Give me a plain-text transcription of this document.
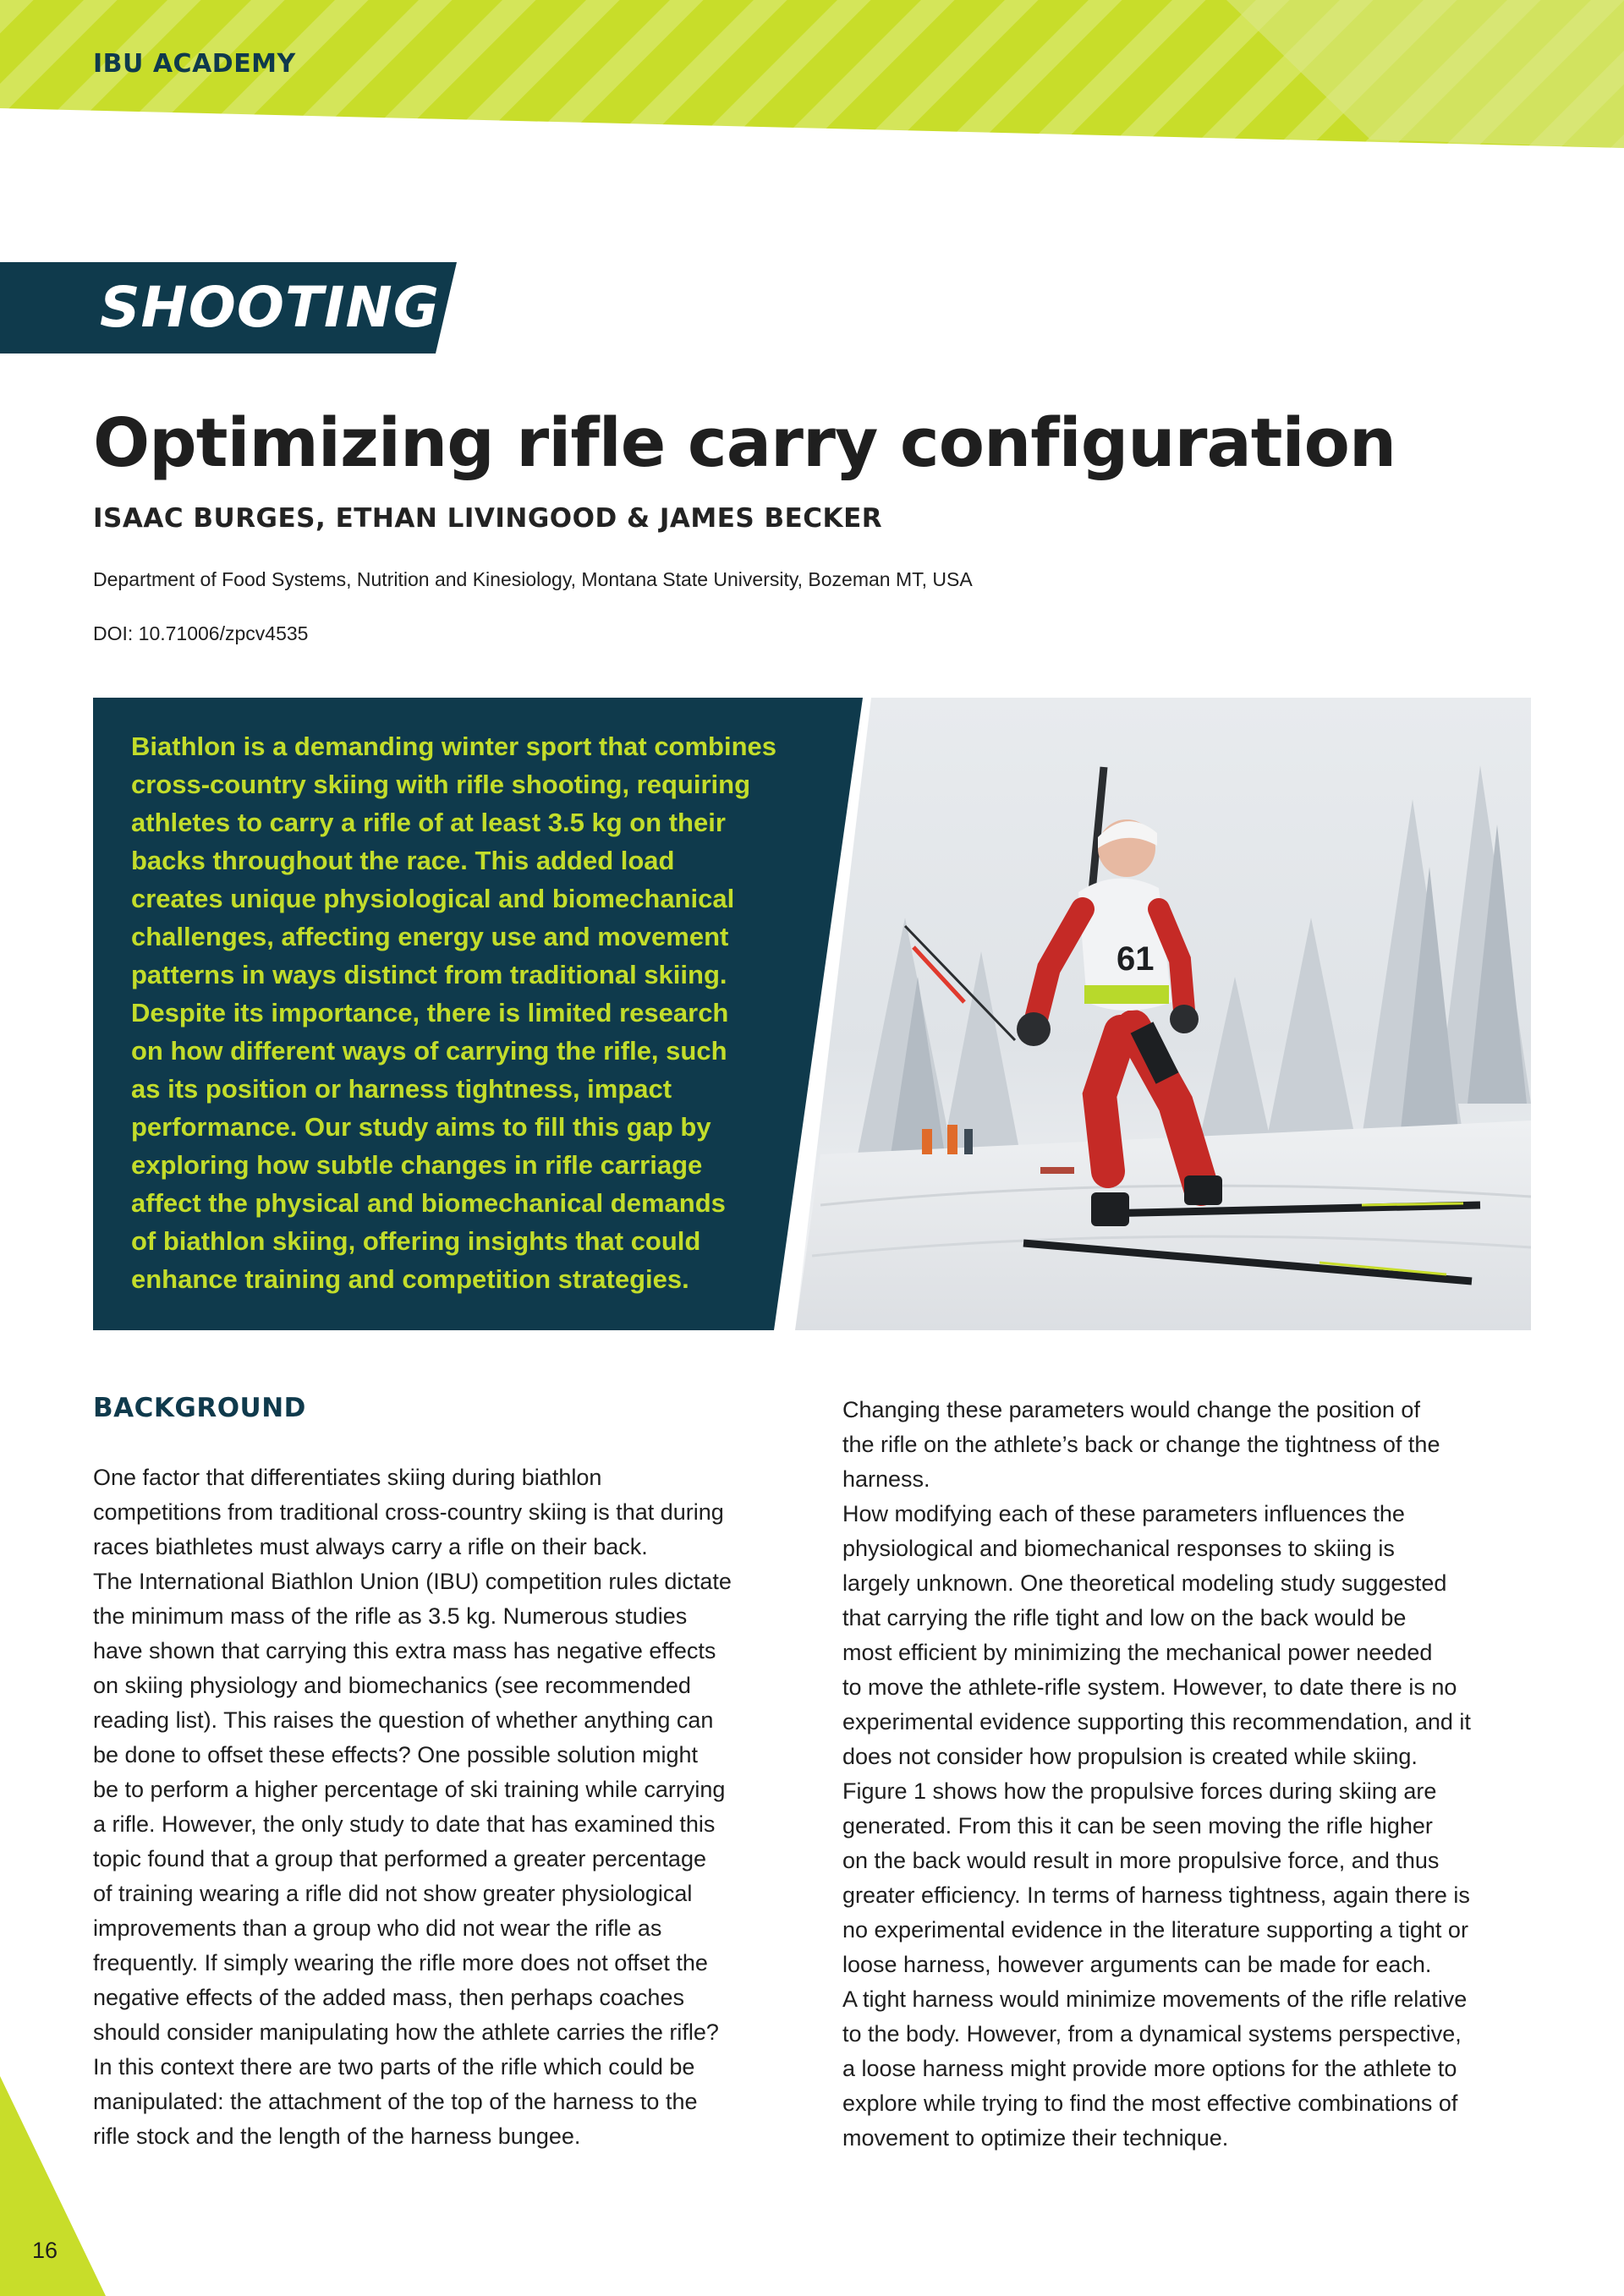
IBU ACADEMY
SHOOTING
Optimizing rifle carry configuration
ISAAC BURGES, ETHAN LIVINGOOD & JAMES BECKER
Department of Food Systems, Nutrition and Kinesiology, Montana State University, Bozeman MT, USA
DOI: 10.71006/zpcv4535
61
Biathlon is a demanding winter sport that combines
cross-country skiing with rifle shooting, requiring
athletes to carry a rifle of at least 3.5 kg on their
backs throughout the race. This added load
creates unique physiological and biomechanical
challenges, affecting energy use and movement
patterns in ways distinct from traditional skiing.
Despite its importance, there is limited research
on how different ways of carrying the rifle, such
as its position or harness tightness, impact
performance. Our study aims to fill this gap by
exploring how subtle changes in rifle carriage
affect the physical and biomechanical demands
of biathlon skiing, offering insights that could
enhance training and competition strategies.
BACKGROUND
One factor that differentiates skiing during biathlon
competitions from traditional cross-country skiing is that during
races biathletes must always carry a rifle on their back.
The International Biathlon Union (IBU) competition rules dictate
the minimum mass of the rifle as 3.5 kg. Numerous studies
have shown that carrying this extra mass has negative effects
on skiing physiology and biomechanics (see recommended
reading list). This raises the question of whether anything can
be done to offset these effects? One possible solution might
be to perform a higher percentage of ski training while carrying
a rifle. However, the only study to date that has examined this
topic found that a group that performed a greater percentage
of training wearing a rifle did not show greater physiological
improvements than a group who did not wear the rifle as
frequently. If simply wearing the rifle more does not offset the
negative effects of the added mass, then perhaps coaches
should consider manipulating how the athlete carries the rifle?
In this context there are two parts of the rifle which could be
manipulated: the attachment of the top of the harness to the
rifle stock and the length of the harness bungee.
Changing these parameters would change the position of
the rifle on the athlete’s back or change the tightness of the
harness.
How modifying each of these parameters influences the
physiological and biomechanical responses to skiing is
largely unknown. One theoretical modeling study suggested
that carrying the rifle tight and low on the back would be
most efficient by minimizing the mechanical power needed
to move the athlete-rifle system. However, to date there is no
experimental evidence supporting this recommendation, and it
does not consider how propulsion is created while skiing.
Figure 1 shows how the propulsive forces during skiing are
generated. From this it can be seen moving the rifle higher
on the back would result in more propulsive force, and thus
greater efficiency. In terms of harness tightness, again there is
no experimental evidence in the literature supporting a tight or
loose harness, however arguments can be made for each.
A tight harness would minimize movements of the rifle relative
to the body. However, from a dynamical systems perspective,
a loose harness might provide more options for the athlete to
explore while trying to find the most effective combinations of
movement to optimize their technique.
16
